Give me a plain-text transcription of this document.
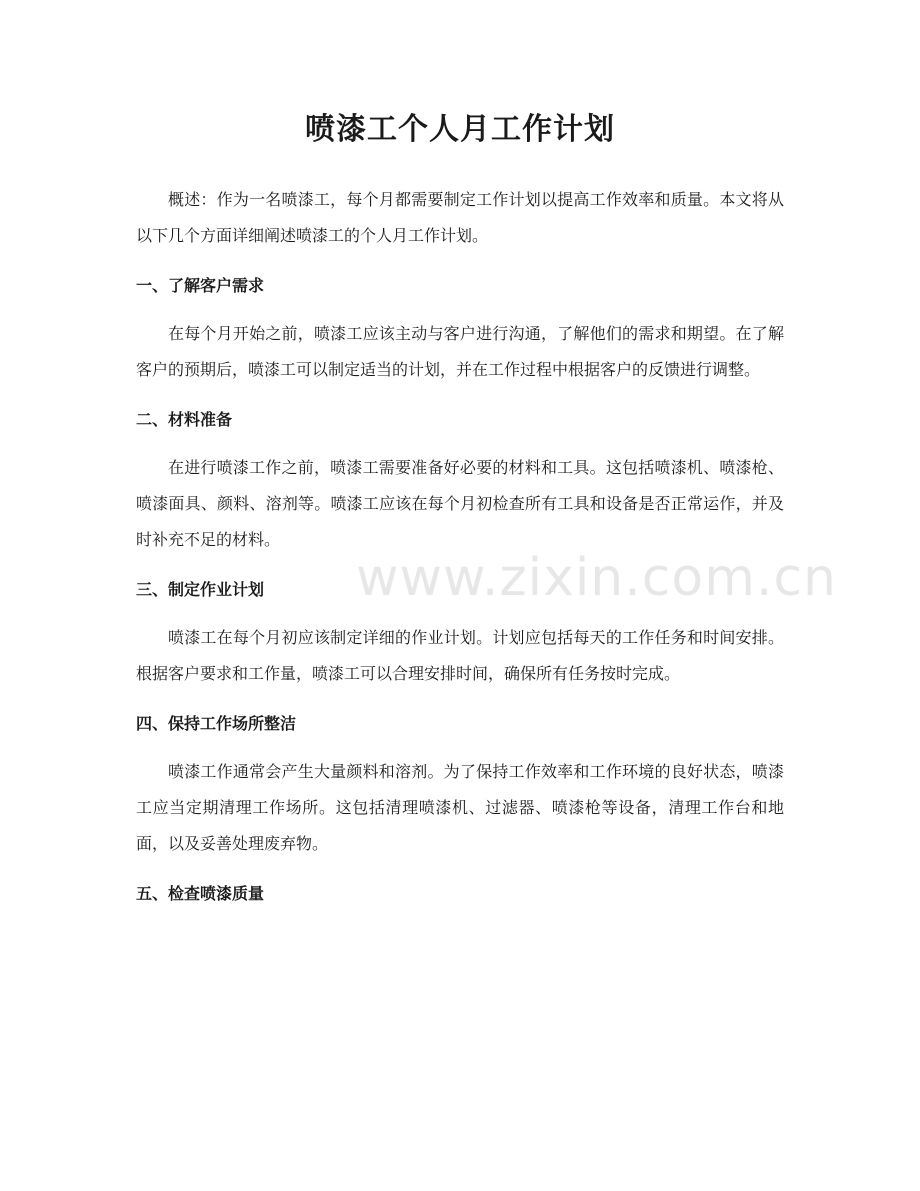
喷漆工个人月工作计划

概述：作为一名喷漆工，每个月都需要制定工作计划以提高工作效率和质量。本文将从以下几个方面详细阐述喷漆工的个人月工作计划。

一、了解客户需求

在每个月开始之前，喷漆工应该主动与客户进行沟通，了解他们的需求和期望。在了解客户的预期后，喷漆工可以制定适当的计划，并在工作过程中根据客户的反馈进行调整。

二、材料准备

在进行喷漆工作之前，喷漆工需要准备好必要的材料和工具。这包括喷漆机、喷漆枪、喷漆面具、颜料、溶剂等。喷漆工应该在每个月初检查所有工具和设备是否正常运作，并及时补充不足的材料。

三、制定作业计划

喷漆工在每个月初应该制定详细的作业计划。计划应包括每天的工作任务和时间安排。根据客户要求和工作量，喷漆工可以合理安排时间，确保所有任务按时完成。

四、保持工作场所整洁

喷漆工作通常会产生大量颜料和溶剂。为了保持工作效率和工作环境的良好状态，喷漆工应当定期清理工作场所。这包括清理喷漆机、过滤器、喷漆枪等设备，清理工作台和地面，以及妥善处理废弃物。

五、检查喷漆质量
www.zixin.com.cn
